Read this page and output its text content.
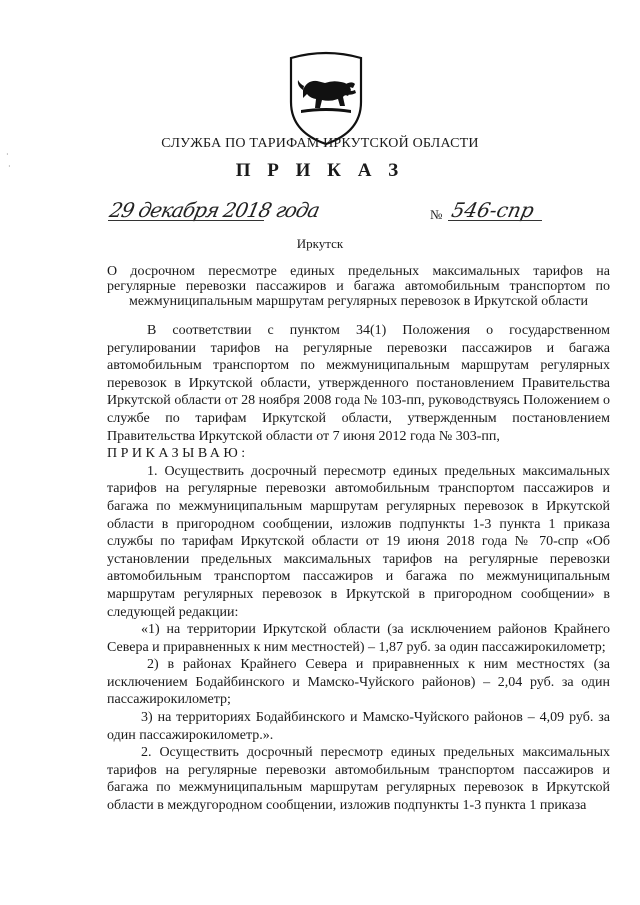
СЛУЖБА ПО ТАРИФАМ ИРКУТСКОЙ ОБЛАСТИ
П Р И К А З
29 декабря 2018 года	№ 546-спр
Иркутск
О досрочном пересмотре единых предельных максимальных тарифов на регулярные перевозки пассажиров и багажа автомобильным транспортом по межмуниципальным маршрутам регулярных перевозок в Иркутской области

В соответствии с пунктом 34(1) Положения о государственном регулировании тарифов на регулярные перевозки пассажиров и багажа автомобильным транспортом по межмуниципальным маршрутам регулярных перевозок в Иркутской области, утвержденного постановлением Правительства Иркутской области от 28 ноября 2008 года № 103-пп, руководствуясь Положением о службе по тарифам Иркутской области, утвержденным постановлением Правительства Иркутской области от 7 июня 2012 года № 303-пп,

ПРИКАЗЫВАЮ:

1. Осуществить досрочный пересмотр единых предельных максимальных тарифов на регулярные перевозки автомобильным транспортом пассажиров и багажа по межмуниципальным маршрутам регулярных перевозок в Иркутской области в пригородном сообщении, изложив подпункты 1-3 пункта 1 приказа службы по тарифам Иркутской области от 19 июня 2018 года № 70-спр «Об установлении предельных максимальных тарифов на регулярные перевозки автомобильным транспортом пассажиров и багажа по межмуниципальным маршрутам регулярных перевозок в Иркутской в пригородном сообщении» в следующей редакции:

«1) на территории Иркутской области (за исключением районов Крайнего Севера и приравненных к ним местностей) – 1,87 руб. за один пассажирокилометр;

2) в районах Крайнего Севера и приравненных к ним местностях (за исключением Бодайбинского и Мамско-Чуйского районов) – 2,04 руб. за один пассажирокилометр;

3) на территориях Бодайбинского и Мамско-Чуйского районов – 4,09 руб. за один пассажирокилометр.».

2. Осуществить досрочный пересмотр единых предельных максимальных тарифов на регулярные перевозки автомобильным транспортом пассажиров и багажа по межмуниципальным маршрутам регулярных перевозок в Иркутской области в междугородном сообщении, изложив подпункты 1-3 пункта 1 приказа

·
·
